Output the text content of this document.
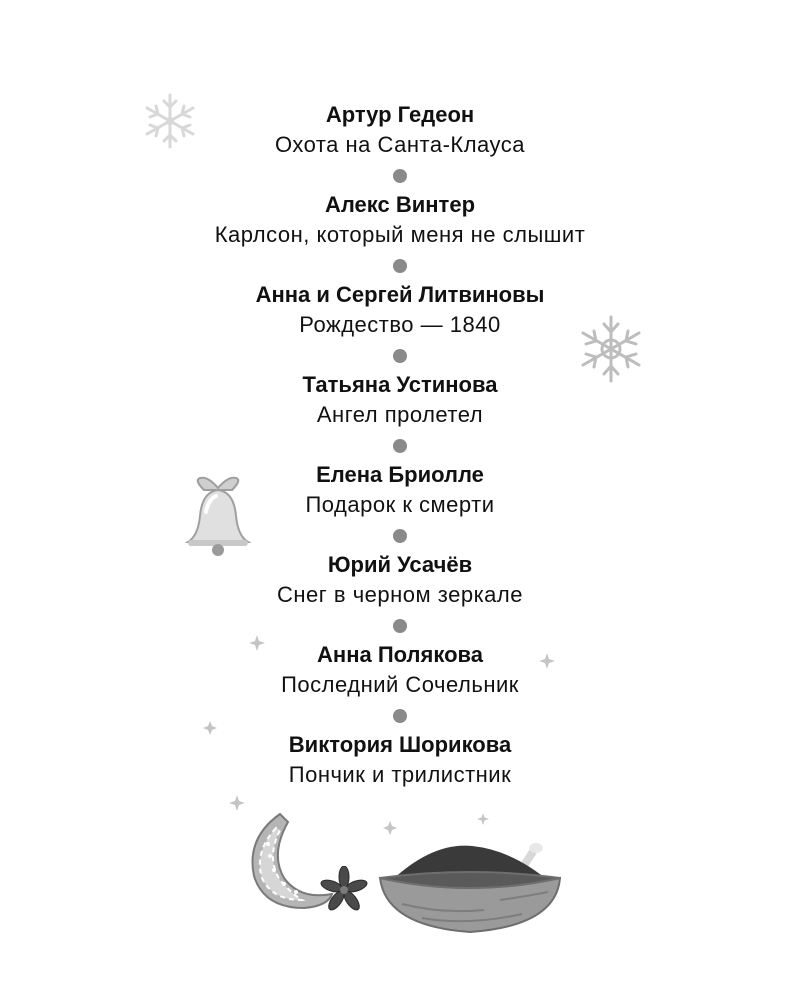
Артур Гедеон
Охота на Санта-Клауса
Алекс Винтер
Карлсон, который меня не слышит
Анна и Сергей Литвиновы
Рождество — 1840
Татьяна Устинова
Ангел пролетел
Елена Бриолле
Подарок к смерти
Юрий Усачёв
Снег в черном зеркале
Анна Полякова
Последний Сочельник
Виктория Шорикова
Пончик и трилистник
